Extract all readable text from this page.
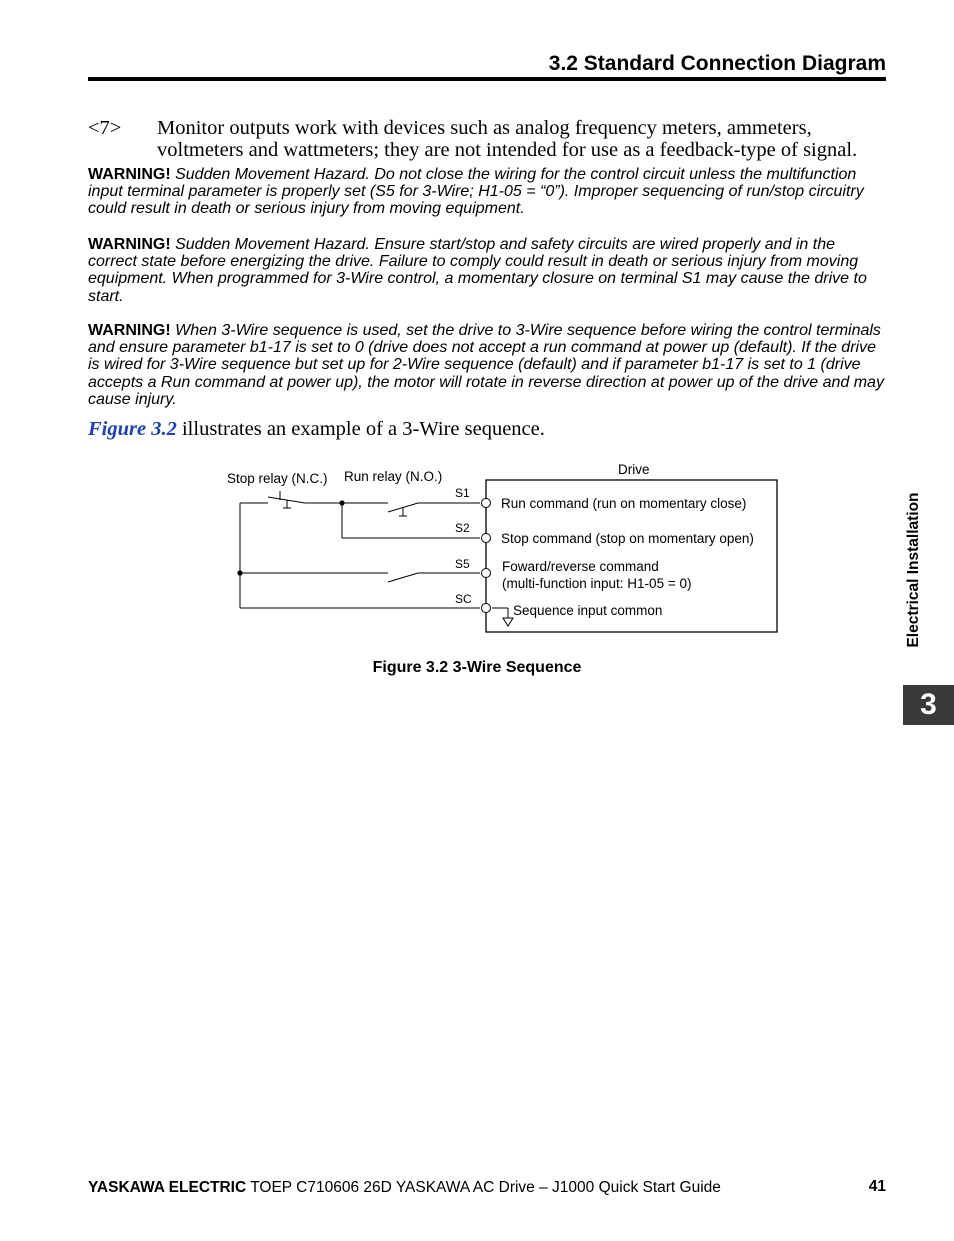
3.2 Standard Connection Diagram
<7> Monitor outputs work with devices such as analog frequency meters, ammeters, voltmeters and wattmeters; they are not intended for use as a feedback-type of signal.
WARNING! Sudden Movement Hazard. Do not close the wiring for the control circuit unless the multifunction input terminal parameter is properly set (S5 for 3-Wire; H1-05 = “0”). Improper sequencing of run/stop circuitry could result in death or serious injury from moving equipment.
WARNING! Sudden Movement Hazard. Ensure start/stop and safety circuits are wired properly and in the correct state before energizing the drive. Failure to comply could result in death or serious injury from moving equipment. When programmed for 3-Wire control, a momentary closure on terminal S1 may cause the drive to start.
WARNING! When 3-Wire sequence is used, set the drive to 3-Wire sequence before wiring the control terminals and ensure parameter b1-17 is set to 0 (drive does not accept a run command at power up (default). If the drive is wired for 3-Wire sequence but set up for 2-Wire sequence (default) and if parameter b1-17 is set to 1 (drive accepts a Run command at power up), the motor will rotate in reverse direction at power up of the drive and may cause injury.
Figure 3.2 illustrates an example of a 3-Wire sequence.
Drive
Stop relay (N.C.) Run relay (N.O.)
S1
S2
S5
SC
Run command (run on momentary close)
Stop command (stop on momentary open)
Foward/reverse command
(multi-function input: H1-05 = 0)
Sequence input common
Figure 3.2 3-Wire Sequence
Electrical Installation
3
YASKAWA ELECTRIC TOEP C710606 26D YASKAWA AC Drive – J1000 Quick Start Guide	41
